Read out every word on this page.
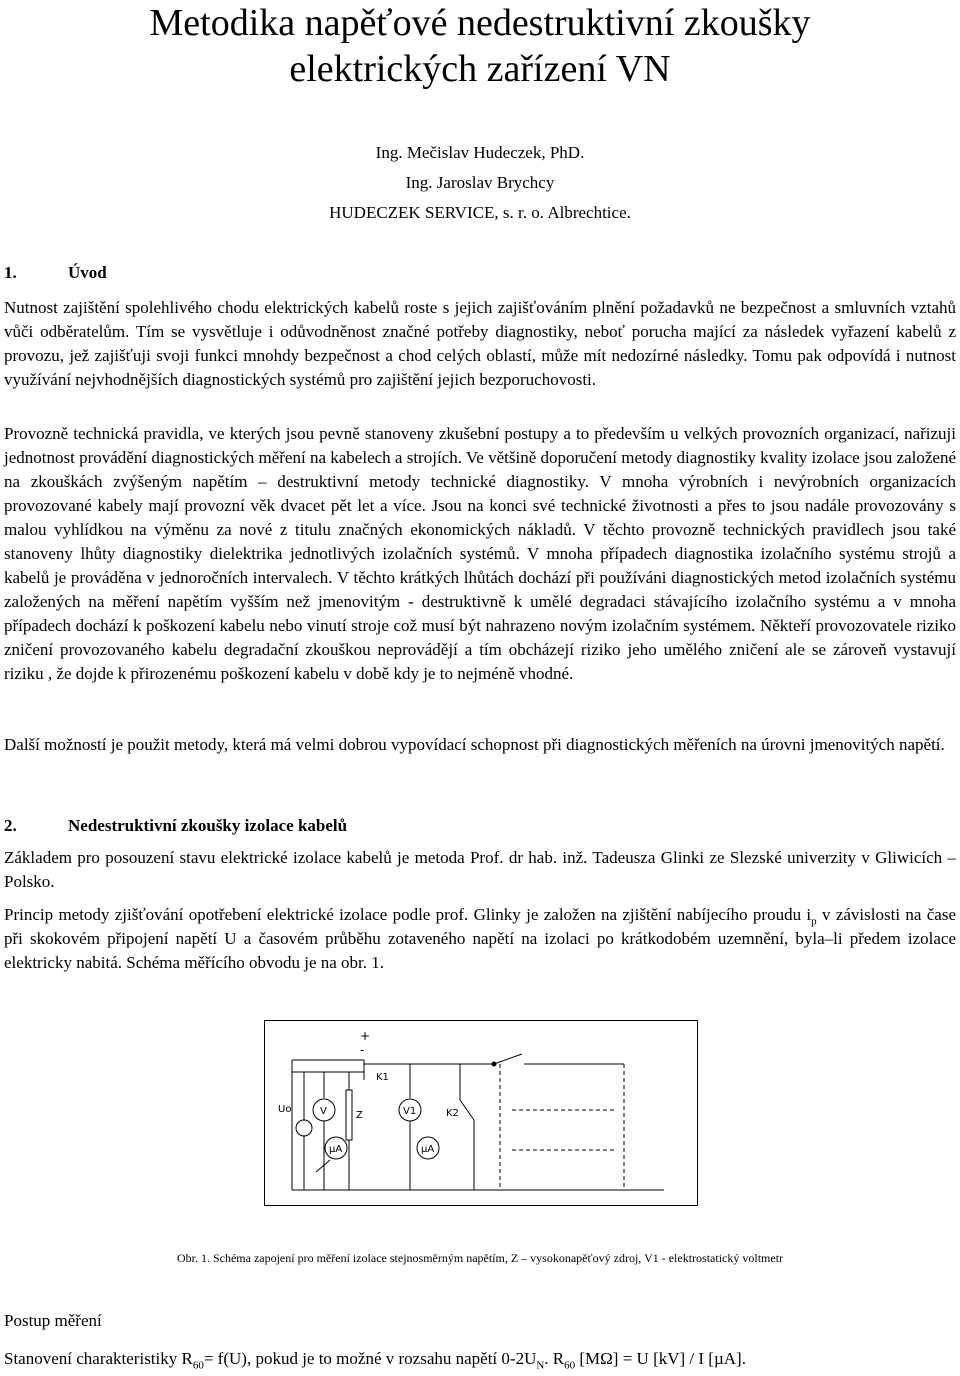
Metodika napěťové nedestruktivní zkoušky
elektrických zařízení VN
Ing. Mečislav Hudeczek, PhD.
Ing. Jaroslav Brychcy
HUDECZEK SERVICE, s. r. o. Albrechtice.
1.	Úvod

Nutnost zajištění spolehlivého chodu elektrických kabelů roste s jejich zajišťováním plnění požadavků ne bezpečnost a smluvních vztahů vůči odběratelům. Tím se vysvětluje i odůvodněnost značné potřeby diagnostiky, neboť porucha mající za následek vyřazení kabelů z provozu, jež zajišťuji svoji funkci mnohdy bezpečnost a chod celých oblastí, může mít nedozírné následky. Tomu pak odpovídá i nutnost využívání nejvhodnějších diagnostických systémů pro zajištění jejich bezporuchovosti.

Provozně technická pravidla, ve kterých jsou pevně stanoveny zkušební postupy a to především u velkých provozních organizací, nařizuji jednotnost provádění diagnostických měření na kabelech a strojích. Ve většině doporučení metody diagnostiky kvality izolace jsou založené na zkouškách zvýšeným napětím – destruktivní metody technické diagnostiky. V mnoha výrobních i nevýrobních organizacích provozované kabely mají provozní věk dvacet pět let a více. Jsou na konci své technické životnosti a přes to jsou nadále provozovány s malou vyhlídkou na výměnu za nové z titulu značných ekonomických nákladů. V těchto provozně technických pravidlech jsou také stanoveny lhůty diagnostiky dielektrika jednotlivých izolačních systémů. V mnoha případech diagnostika izolačního systému strojů a kabelů je prováděna v jednoročních intervalech. V těchto krátkých lhůtách dochází při používáni diagnostických metod izolačních systému založených na měření napětím vyšším než jmenovitým - destruktivně k umělé degradaci stávajícího izolačního systému a v mnoha případech dochází k poškození kabelu nebo vinutí stroje což musí být nahrazeno novým izolačním systémem. Někteří provozovatele riziko zničení provozovaného kabelu degradační zkouškou neprovádějí a tím obcházejí riziko jeho umělého zničení ale se zároveň vystavují riziku , že dojde k přirozenému poškození kabelu v době kdy je to nejméně vhodné.

Další možností je použit metody, která má velmi dobrou vypovídací schopnost při diagnostických měřeních na úrovni jmenovitých napětí.

2.	Nedestruktivní zkoušky izolace kabelů

Základem pro posouzení stavu elektrické izolace kabelů je metoda Prof. dr hab. inž. Tadeusza Glinki ze Slezské univerzity v Gliwicích – Polsko.

Princip metody zjišťování opotřebení elektrické izolace podle prof. Glinky je založen na zjištění nabíjecího proudu $i_p$ v závislosti na čase při skokovém připojení napětí U a časovém průběhu zotaveného napětí na izolaci po krátkodobém uzemnění, byla–li předem izolace elektricky nabitá. Schéma měřícího obvodu je na obr. 1.

+
-
K1
K2
Uo	V	Z	V1
µA	µA
Obr. 1. Schéma zapojení pro měření izolace stejnosměrným napětím, Z – vysokonapěťový zdroj, V1 - elektrostatický voltmetr
Postup měření
Stanovení charakteristiky $R_{60}= f(U)$, pokud je to možné v rozsahu napětí $0-2U_N$. $R_{60}$ [MΩ] = U [kV] / I [µA].
